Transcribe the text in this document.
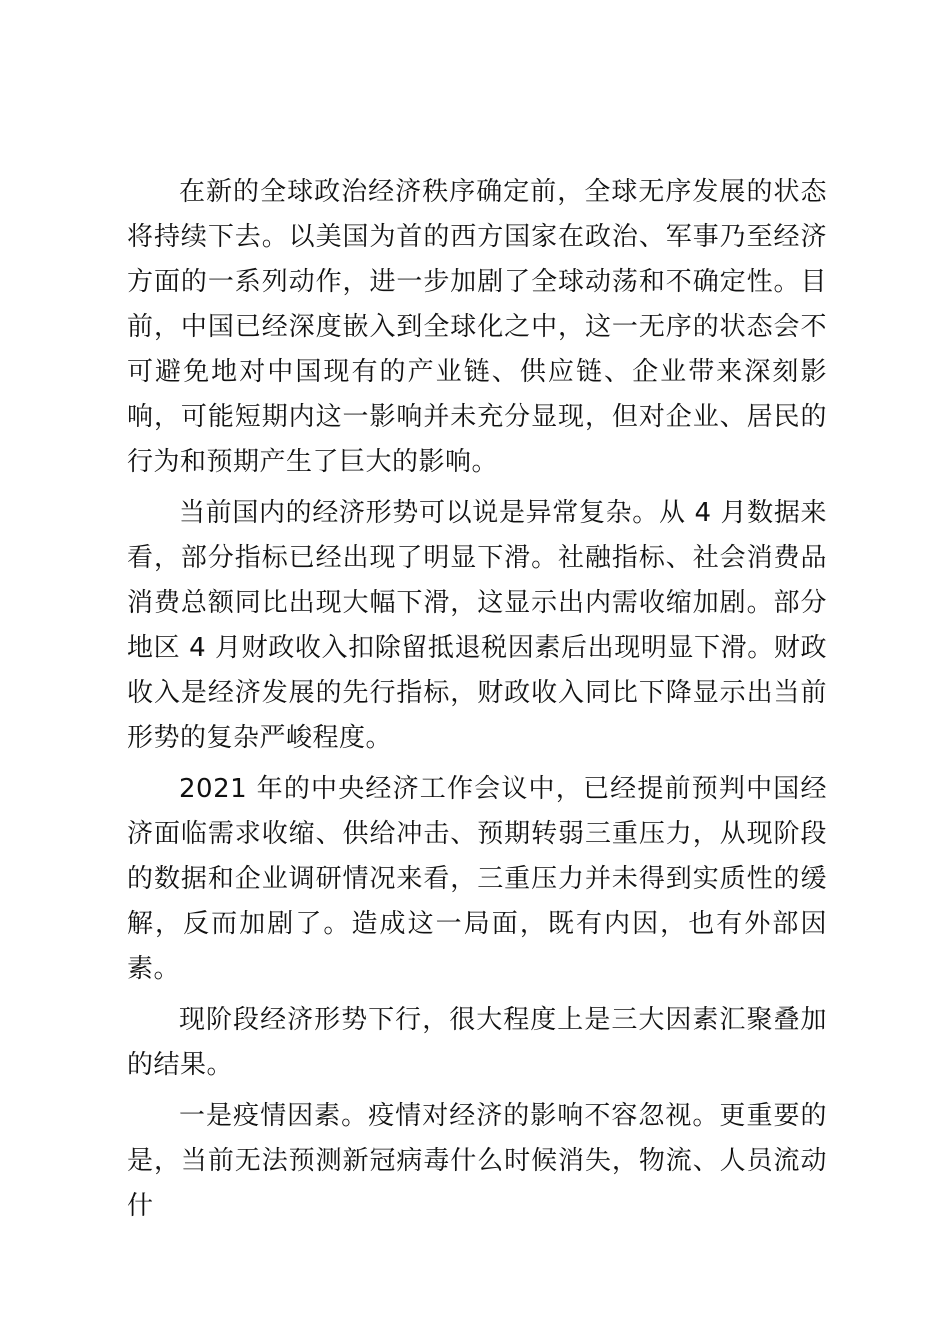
在新的全球政治经济秩序确定前，全球无序发展的状态将持续下去。以美国为首的西方国家在政治、军事乃至经济方面的一系列动作，进一步加剧了全球动荡和不确定性。目前，中国已经深度嵌入到全球化之中，这一无序的状态会不可避免地对中国现有的产业链、供应链、企业带来深刻影响，可能短期内这一影响并未充分显现，但对企业、居民的行为和预期产生了巨大的影响。

当前国内的经济形势可以说是异常复杂。从 4 月数据来看，部分指标已经出现了明显下滑。社融指标、社会消费品消费总额同比出现大幅下滑，这显示出内需收缩加剧。部分地区 4 月财政收入扣除留抵退税因素后出现明显下滑。财政收入是经济发展的先行指标，财政收入同比下降显示出当前形势的复杂严峻程度。

2021 年的中央经济工作会议中，已经提前预判中国经济面临需求收缩、供给冲击、预期转弱三重压力，从现阶段的数据和企业调研情况来看，三重压力并未得到实质性的缓解，反而加剧了。造成这一局面，既有内因，也有外部因素。

现阶段经济形势下行，很大程度上是三大因素汇聚叠加的结果。

一是疫情因素。疫情对经济的影响不容忽视。更重要的是，当前无法预测新冠病毒什么时候消失，物流、人员流动什
